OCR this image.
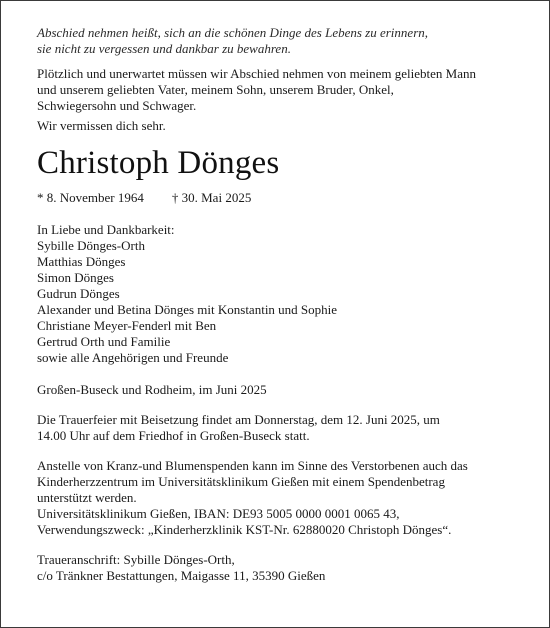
Abschied nehmen heißt, sich an die schönen Dinge des Lebens zu erinnern,
sie nicht zu vergessen und dankbar zu bewahren.
Plötzlich und unerwartet müssen wir Abschied nehmen von meinem geliebten Mann
und unserem geliebten Vater, meinem Sohn, unserem Bruder, Onkel,
Schwiegersohn und Schwager.
Wir vermissen dich sehr.
Christoph Dönges
* 8. November 1964 † 30. Mai 2025
In Liebe und Dankbarkeit:
Sybille Dönges-Orth
Matthias Dönges
Simon Dönges
Gudrun Dönges
Alexander und Betina Dönges mit Konstantin und Sophie
Christiane Meyer-Fenderl mit Ben
Gertrud Orth und Familie
sowie alle Angehörigen und Freunde
Großen-Buseck und Rodheim, im Juni 2025
Die Trauerfeier mit Beisetzung findet am Donnerstag, dem 12. Juni 2025, um
14.00 Uhr auf dem Friedhof in Großen-Buseck statt.
Anstelle von Kranz-und Blumenspenden kann im Sinne des Verstorbenen auch das
Kinderherzzentrum im Universitätsklinikum Gießen mit einem Spendenbetrag
unterstützt werden.
Universitätsklinikum Gießen, IBAN: DE93 5005 0000 0001 0065 43,
Verwendungszweck: „Kinderherzklinik KST-Nr. 62880020 Christoph Dönges“.
Traueranschrift: Sybille Dönges-Orth,
c/o Tränkner Bestattungen, Maigasse 11, 35390 Gießen
